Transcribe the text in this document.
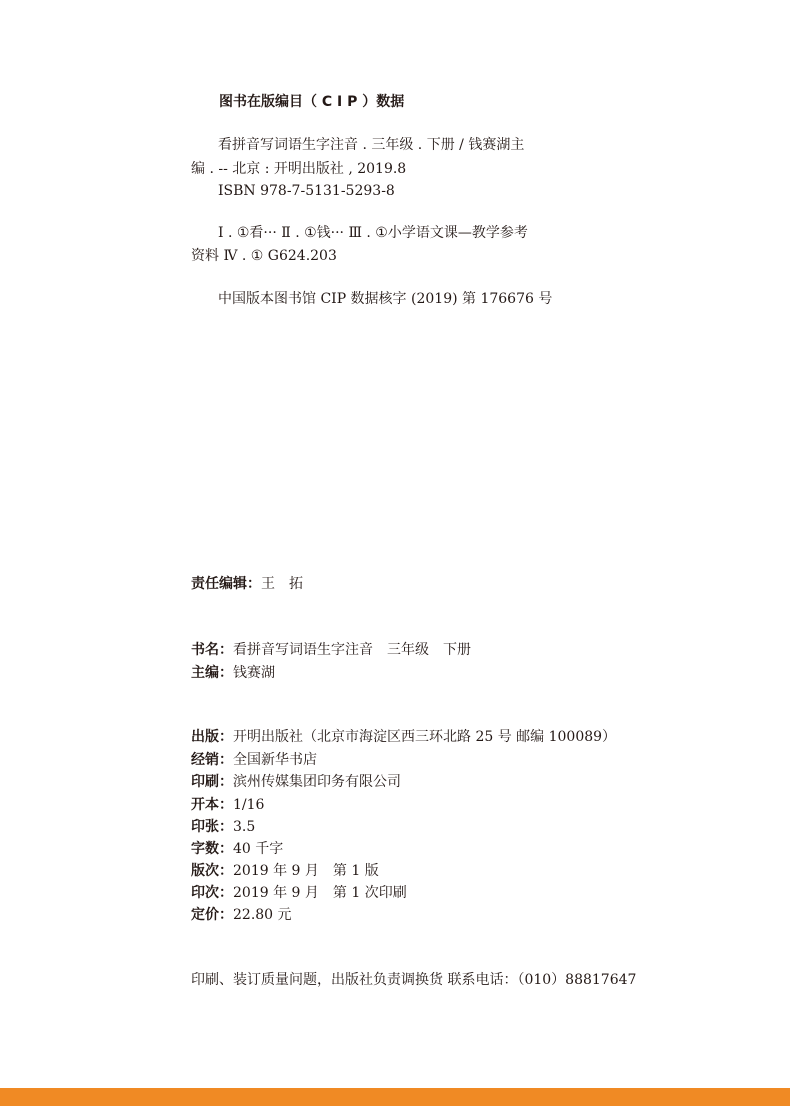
图书在版编目（ C I P ）数据
看拼音写词语生字注音 . 三年级 . 下册 / 钱赛湖主
编 . -- 北京 : 开明出版社 , 2019.8
ISBN 978-7-5131-5293-8
Ⅰ . ①看··· Ⅱ . ①钱··· Ⅲ . ①小学语文课—教学参考
资料 Ⅳ . ① G624.203
中国版本图书馆 CIP 数据核字 (2019) 第 176676 号
责任编辑：王　拓
书名：看拼音写词语生字注音 三年级 下册
主编：钱赛湖
出版：开明出版社（北京市海淀区西三环北路 25 号 邮编 100089）
经销：全国新华书店
印刷：滨州传媒集团印务有限公司
开本：1/16
印张：3.5
字数：40 千字
版次：2019 年 9 月　第 1 版
印次：2019 年 9 月　第 1 次印刷
定价：22.80 元
印刷、装订质量问题，出版社负责调换货 联系电话：（010）88817647
